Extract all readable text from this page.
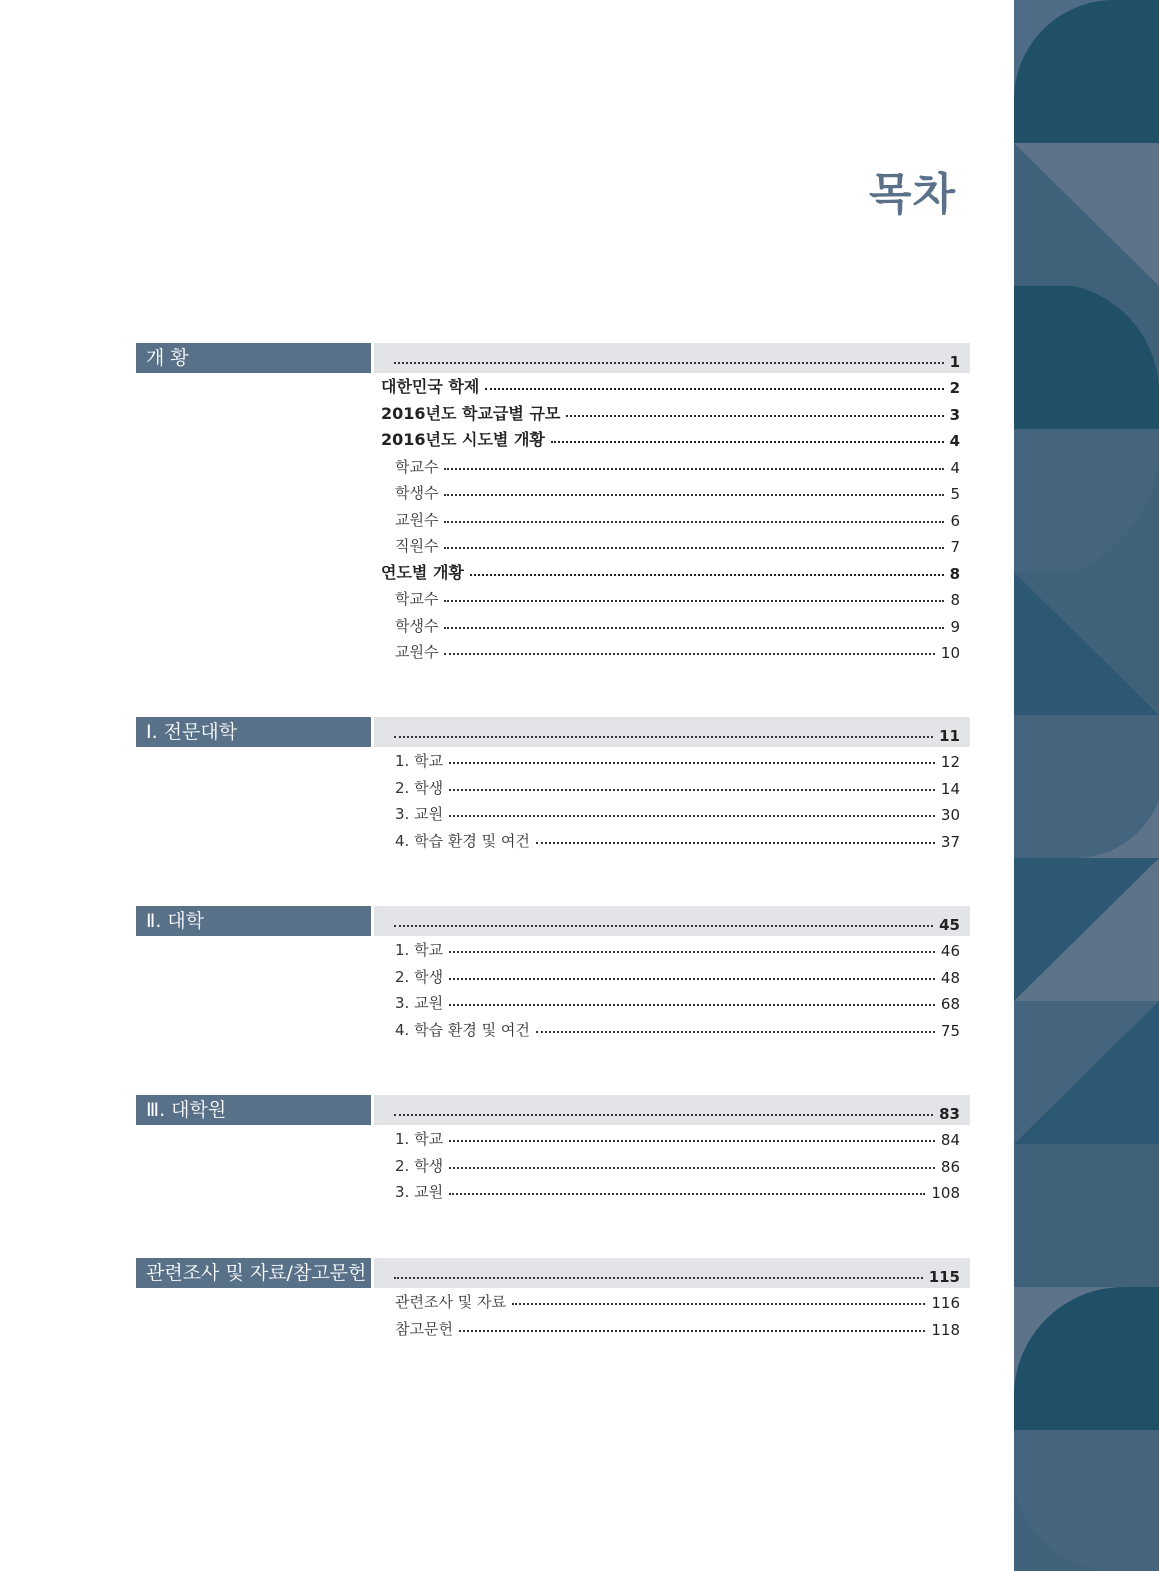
목차
개 황	1
대한민국 학제	2
2016년도 학교급별 규모	3
2016년도 시도별 개황	4
학교수	4
학생수	5
교원수	6
직원수	7
연도별 개황	8
학교수	8
학생수	9
교원수	10
Ⅰ. 전문대학	11
1. 학교	12
2. 학생	14
3. 교원	30
4. 학습 환경 및 여건	37
Ⅱ. 대학	45
1. 학교	46
2. 학생	48
3. 교원	68
4. 학습 환경 및 여건	75
Ⅲ. 대학원	83
1. 학교	84
2. 학생	86
3. 교원	108
관련조사 및 자료/참고문헌	115
관련조사 및 자료	116
참고문헌	118
